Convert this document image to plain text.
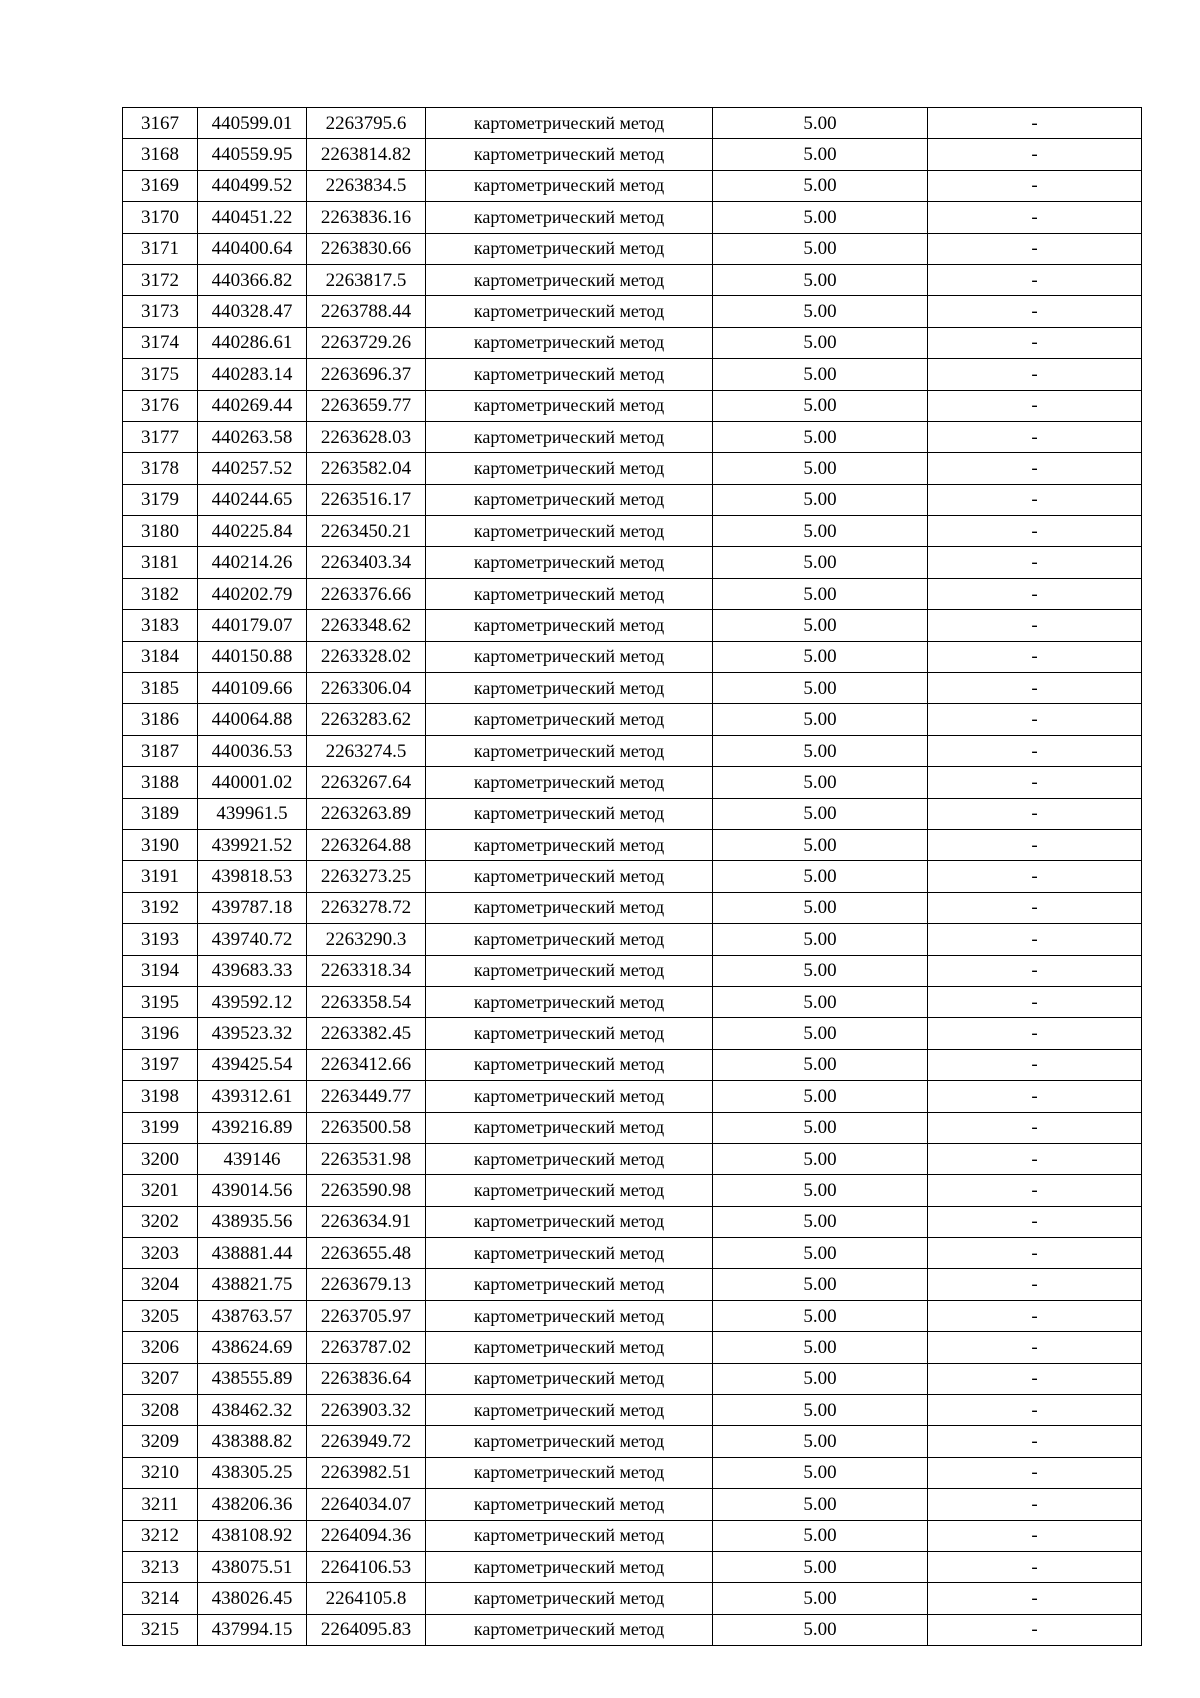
3167	440599.01	2263795.6	картометрический метод	5.00	-
3168	440559.95	2263814.82	картометрический метод	5.00	-
3169	440499.52	2263834.5	картометрический метод	5.00	-
3170	440451.22	2263836.16	картометрический метод	5.00	-
3171	440400.64	2263830.66	картометрический метод	5.00	-
3172	440366.82	2263817.5	картометрический метод	5.00	-
3173	440328.47	2263788.44	картометрический метод	5.00	-
3174	440286.61	2263729.26	картометрический метод	5.00	-
3175	440283.14	2263696.37	картометрический метод	5.00	-
3176	440269.44	2263659.77	картометрический метод	5.00	-
3177	440263.58	2263628.03	картометрический метод	5.00	-
3178	440257.52	2263582.04	картометрический метод	5.00	-
3179	440244.65	2263516.17	картометрический метод	5.00	-
3180	440225.84	2263450.21	картометрический метод	5.00	-
3181	440214.26	2263403.34	картометрический метод	5.00	-
3182	440202.79	2263376.66	картометрический метод	5.00	-
3183	440179.07	2263348.62	картометрический метод	5.00	-
3184	440150.88	2263328.02	картометрический метод	5.00	-
3185	440109.66	2263306.04	картометрический метод	5.00	-
3186	440064.88	2263283.62	картометрический метод	5.00	-
3187	440036.53	2263274.5	картометрический метод	5.00	-
3188	440001.02	2263267.64	картометрический метод	5.00	-
3189	439961.5	2263263.89	картометрический метод	5.00	-
3190	439921.52	2263264.88	картометрический метод	5.00	-
3191	439818.53	2263273.25	картометрический метод	5.00	-
3192	439787.18	2263278.72	картометрический метод	5.00	-
3193	439740.72	2263290.3	картометрический метод	5.00	-
3194	439683.33	2263318.34	картометрический метод	5.00	-
3195	439592.12	2263358.54	картометрический метод	5.00	-
3196	439523.32	2263382.45	картометрический метод	5.00	-
3197	439425.54	2263412.66	картометрический метод	5.00	-
3198	439312.61	2263449.77	картометрический метод	5.00	-
3199	439216.89	2263500.58	картометрический метод	5.00	-
3200	439146	2263531.98	картометрический метод	5.00	-
3201	439014.56	2263590.98	картометрический метод	5.00	-
3202	438935.56	2263634.91	картометрический метод	5.00	-
3203	438881.44	2263655.48	картометрический метод	5.00	-
3204	438821.75	2263679.13	картометрический метод	5.00	-
3205	438763.57	2263705.97	картометрический метод	5.00	-
3206	438624.69	2263787.02	картометрический метод	5.00	-
3207	438555.89	2263836.64	картометрический метод	5.00	-
3208	438462.32	2263903.32	картометрический метод	5.00	-
3209	438388.82	2263949.72	картометрический метод	5.00	-
3210	438305.25	2263982.51	картометрический метод	5.00	-
3211	438206.36	2264034.07	картометрический метод	5.00	-
3212	438108.92	2264094.36	картометрический метод	5.00	-
3213	438075.51	2264106.53	картометрический метод	5.00	-
3214	438026.45	2264105.8	картометрический метод	5.00	-
3215	437994.15	2264095.83	картометрический метод	5.00	-
